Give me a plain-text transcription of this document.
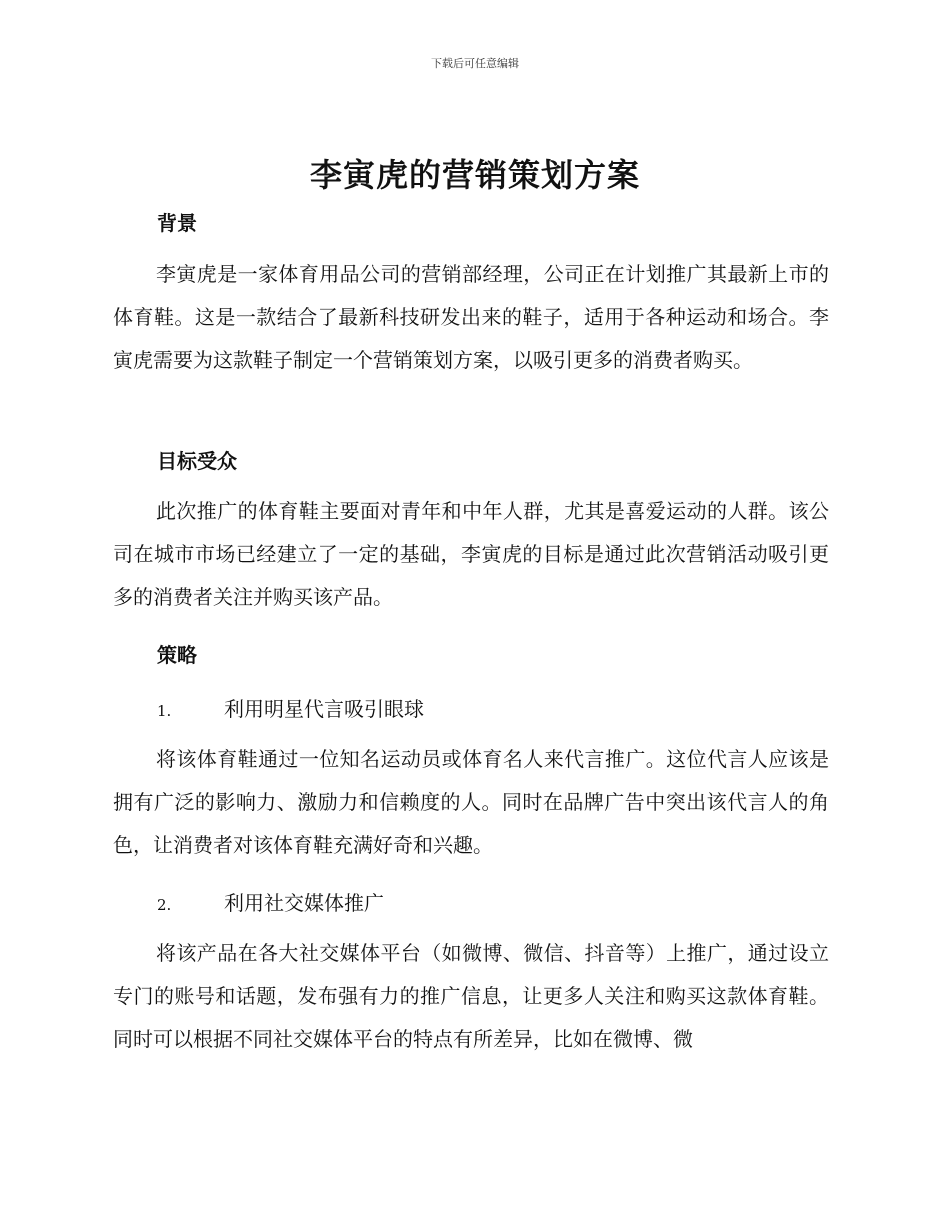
下载后可任意编辑
李寅虎的营销策划方案
背景
李寅虎是一家体育用品公司的营销部经理，公司正在计划推广其最新上市的体育鞋。这是一款结合了最新科技研发出来的鞋子，适用于各种运动和场合。李寅虎需要为这款鞋子制定一个营销策划方案，以吸引更多的消费者购买。
目标受众
此次推广的体育鞋主要面对青年和中年人群，尤其是喜爱运动的人群。该公司在城市市场已经建立了一定的基础，李寅虎的目标是通过此次营销活动吸引更多的消费者关注并购买该产品。
策略
1.	利用明星代言吸引眼球
将该体育鞋通过一位知名运动员或体育名人来代言推广。这位代言人应该是拥有广泛的影响力、激励力和信赖度的人。同时在品牌广告中突出该代言人的角色，让消费者对该体育鞋充满好奇和兴趣。
2.	利用社交媒体推广
将该产品在各大社交媒体平台（如微博、微信、抖音等）上推广，通过设立专门的账号和话题，发布强有力的推广信息，让更多人关注和购买这款体育鞋。同时可以根据不同社交媒体平台的特点有所差异，比如在微博、微
